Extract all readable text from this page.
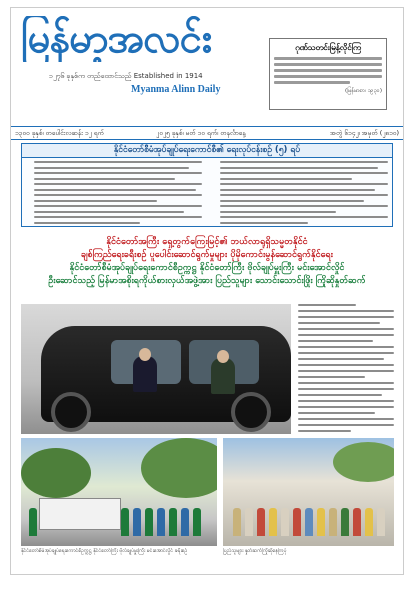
မြန်မာ့အလင်း
၁၂၇၆ ခုနှစ်က တည်ထောင်သည် Established in 1914
Myanma Alinn Daily
ဂုဏ်သတင်းမြန့်လိုင်ကြ
(မြန်မာစာ၊ ၁၉၃၀)
၁၃၀၀ ခုနှစ်၊ တပေါင်းလဆန်း ၁၂ ရက်	၂၀၂၅ ခုနှစ်၊ မတ် ၁၀ ရက်၊ တနင်္လာနေ့	အတွဲ ၆၁၄၂၊ အမှတ် (၂၈၁၀)
နိုင်ငံတော်စီမံအုပ်ချုပ်ရေးကောင်စီ၏ ရေးလုပ်ငန်းစဉ် (၅) ရပ်
နိုင်ငံတော်အကြီး ရှေ့တွက်ကြေးမြင့်၏ ဘယ်လာရုရှိသမ္မတနိုင်ငံ
ချစ်ကြည်ရေးခရီးစဉ် ပူပေါင်းဆောင်ရွက်မှုများ ပိုမိုကောင်းမွန်ဆောင်ရွက်နိုင်ရေး
နိုင်ငံတော်စီမံအုပ်ချုပ်ရေးကောင်စီဥက္ကဋ္ဌ နိုင်ငံတော်ကြီး ဗိုလ်ချုပ်မှူးကြီး မင်းအောင်လှိုင်
ဦးဆောင်သည့် မြန်မာအစိုးရကိုယ်စားလှယ်အဖွဲ့အား ပြည်သူများ သောင်းသောင်းဖြိုး ကြိုဆိုနှုတ်ဆက်
နိုင်ငံတော်စီမံအုပ်ချုပ်ရေးကောင်စီဥက္ကဋ္ဌ နိုင်ငံတော်ကြီး ဗိုလ်ချုပ်မှူးကြီး မင်းအောင်လှိုင် ခရီးစဉ်	ပြည်သူများ နှုတ်ဆက်ကြိုဆိုနေကြပုံ
